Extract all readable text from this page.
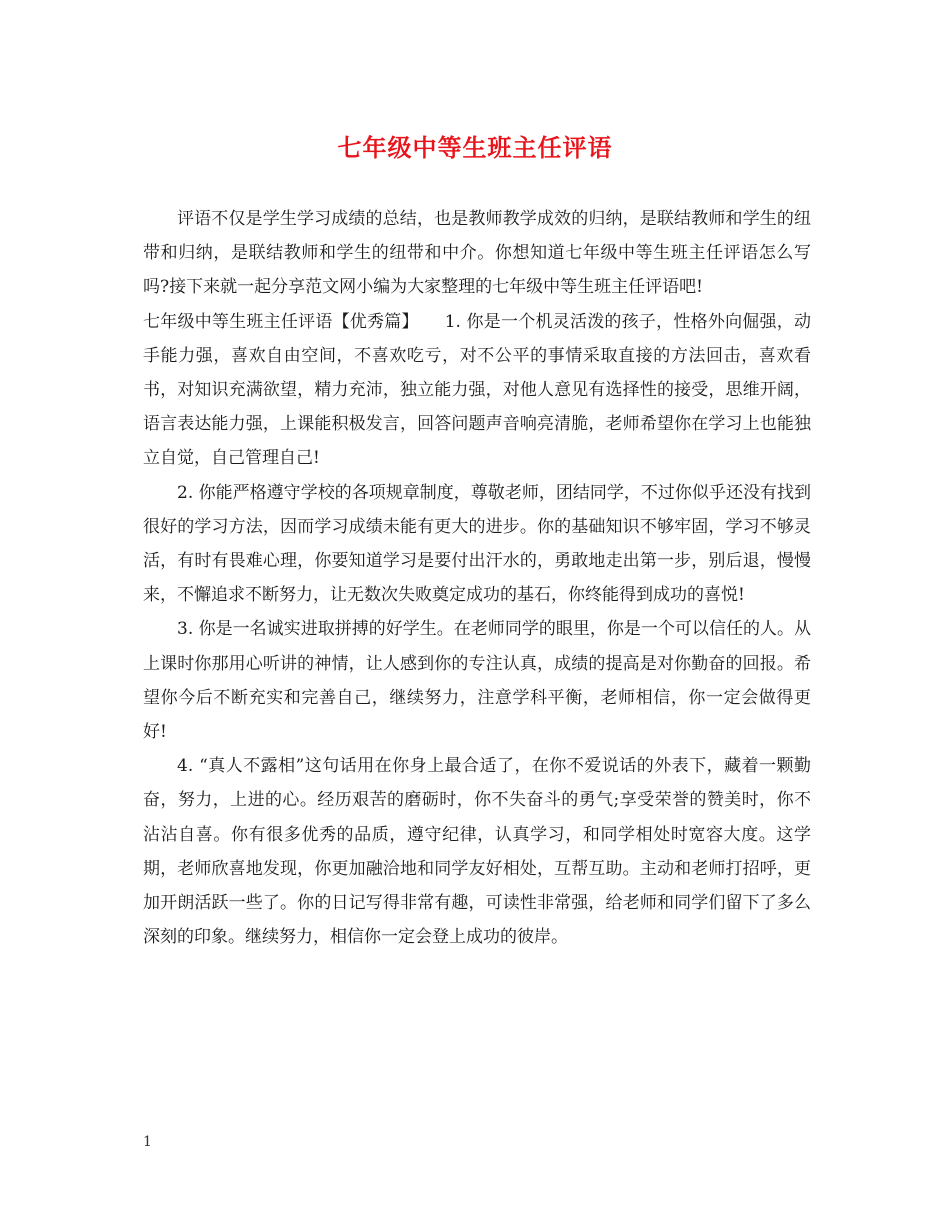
七年级中等生班主任评语

评语不仅是学生学习成绩的总结，也是教师教学成效的归纳，是联结教师和学生的纽带和归纳，是联结教师和学生的纽带和中介。你想知道七年级中等生班主任评语怎么写吗?接下来就一起分享范文网小编为大家整理的七年级中等生班主任评语吧!

七年级中等生班主任评语【优秀篇】　　1. 你是一个机灵活泼的孩子，性格外向倔强，动手能力强，喜欢自由空间，不喜欢吃亏，对不公平的事情采取直接的方法回击，喜欢看书，对知识充满欲望，精力充沛，独立能力强，对他人意见有选择性的接受，思维开阔，语言表达能力强，上课能积极发言，回答问题声音响亮清脆，老师希望你在学习上也能独立自觉，自己管理自己!

2. 你能严格遵守学校的各项规章制度，尊敬老师，团结同学，不过你似乎还没有找到很好的学习方法，因而学习成绩未能有更大的进步。你的基础知识不够牢固，学习不够灵活，有时有畏难心理，你要知道学习是要付出汗水的，勇敢地走出第一步，别后退，慢慢来，不懈追求不断努力，让无数次失败奠定成功的基石，你终能得到成功的喜悦!

3. 你是一名诚实进取拼搏的好学生。在老师同学的眼里，你是一个可以信任的人。从上课时你那用心听讲的神情，让人感到你的专注认真，成绩的提高是对你勤奋的回报。希望你今后不断充实和完善自己，继续努力，注意学科平衡，老师相信，你一定会做得更好!

4. “真人不露相”这句话用在你身上最合适了，在你不爱说话的外表下，藏着一颗勤奋，努力，上进的心。经历艰苦的磨砺时，你不失奋斗的勇气;享受荣誉的赞美时，你不沾沾自喜。你有很多优秀的品质，遵守纪律，认真学习，和同学相处时宽容大度。这学期，老师欣喜地发现，你更加融洽地和同学友好相处，互帮互助。主动和老师打招呼，更加开朗活跃一些了。你的日记写得非常有趣，可读性非常强，给老师和同学们留下了多么深刻的印象。继续努力，相信你一定会登上成功的彼岸。

1
